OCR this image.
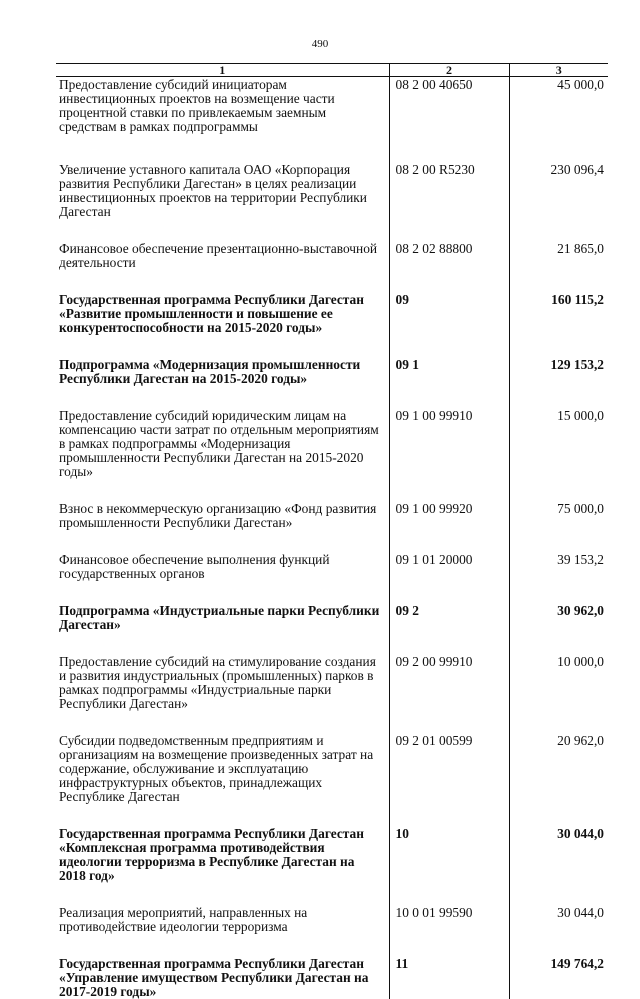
490
1	2	3
Предоставление субсидий инициаторам инвестиционных проектов на возмещение части процентной ставки по привлекаемым заемным средствам в рамках подпрограммы	08 2 00 40650	45 000,0

Увеличение уставного капитала ОАО «Корпорация развития Республики Дагестан» в целях реализации инвестиционных проектов на территории Республики Дагестан	08 2 00 R5230	230 096,4

Финансовое обеспечение презентационно-выставочной деятельности	08 2 02 88800	21 865,0

Государственная программа Республики Дагестан «Развитие промышленности и повышение ее конкурентоспособности на 2015-2020 годы»	09	160 115,2

Подпрограмма «Модернизация промышленности Республики Дагестан на 2015-2020 годы»	09 1	129 153,2

Предоставление субсидий юридическим лицам на компенсацию части затрат по отдельным мероприятиям в рамках подпрограммы «Модернизация промышленности Республики Дагестан на 2015-2020 годы»	09 1 00 99910	15 000,0

Взнос в некоммерческую организацию «Фонд развития промышленности Республики Дагестан»	09 1 00 99920	75 000,0

Финансовое обеспечение выполнения функций государственных органов	09 1 01 20000	39 153,2

Подпрограмма «Индустриальные парки Республики Дагестан»	09 2	30 962,0

Предоставление субсидий на стимулирование создания и развития индустриальных (промышленных) парков в рамках подпрограммы «Индустриальные парки Республики Дагестан»	09 2 00 99910	10 000,0

Субсидии подведомственным предприятиям и организациям на возмещение произведенных затрат на содержание, обслуживание и эксплуатацию инфраструктурных объектов, принадлежащих Республике Дагестан	09 2 01 00599	20 962,0

Государственная программа Республики Дагестан «Комплексная программа противодействия идеологии терроризма в Республике Дагестан на 2018 год»	10	30 044,0

Реализация мероприятий, направленных на противодействие идеологии терроризма	10 0 01 99590	30 044,0

Государственная программа Республики Дагестан «Управление имуществом Республики Дагестан на 2017-2019 годы»	11	149 764,2
